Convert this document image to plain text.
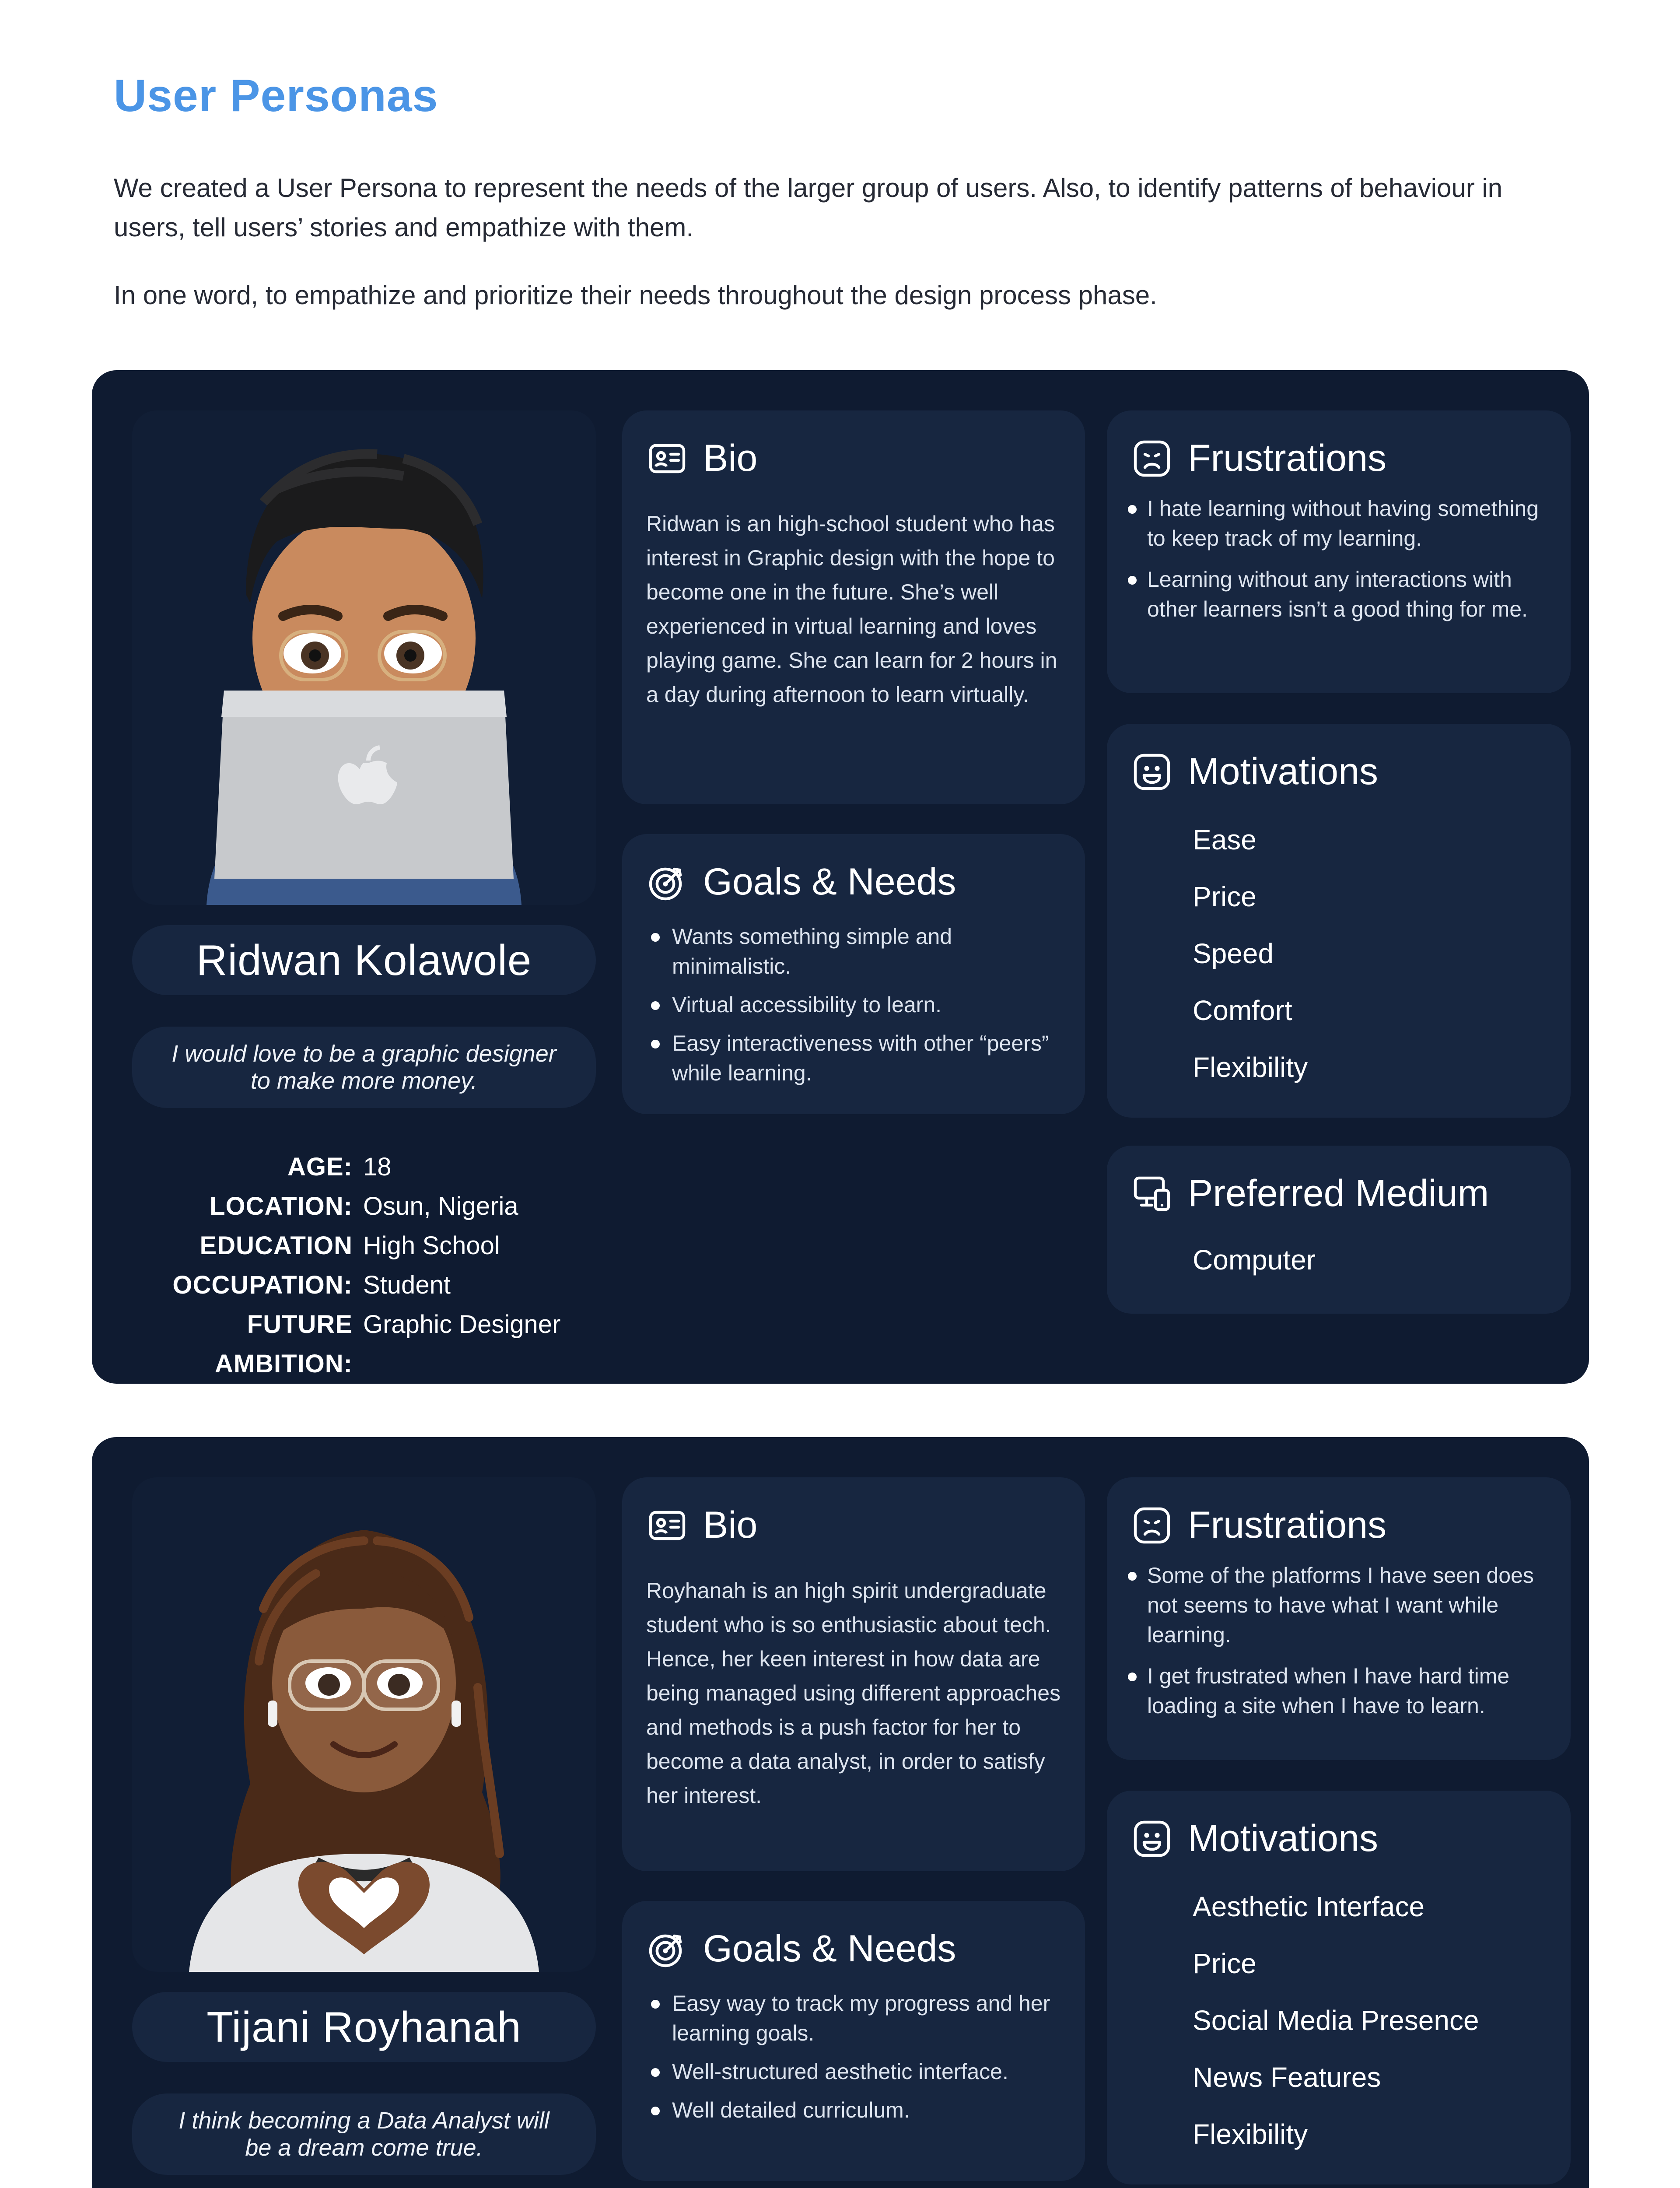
User Personas

We created a User Persona to represent the needs of the larger group of users. Also, to identify patterns of behaviour in users, tell users’ stories and empathize with them.

In one word, to empathize and prioritize their needs throughout the design process phase.

Ridwan Kolawole
I would love to be a graphic designer to make more money.
AGE: 18
LOCATION: Osun, Nigeria
EDUCATION High School
OCCUPATION: Student
FUTURE AMBITION:
Graphic Designer
Bio

Ridwan is an high-school student who has interest in Graphic design with the hope to become one in the future. She’s well experienced in virtual learning and loves playing game. She can learn for 2 hours in a day during afternoon to learn virtually.

Goals & Needs
Wants something simple and minimalistic.
Virtual accessibility to learn.
Easy interactiveness with other “peers” while learning.
Frustrations
I hate learning without having something to keep track of my learning.
Learning without any interactions with other learners isn’t a good thing for me.
Motivations
Ease
Price
Speed
Comfort
Flexibility
Preferred Medium
Computer
Tijani Royhanah
I think becoming a Data Analyst will be a dream come true.
Bio

Royhanah is an high spirit undergraduate student who is so enthusiastic about tech. Hence, her keen interest in how data are being managed using different approaches and methods is a push factor for her to become a data analyst, in order to satisfy her interest.

Goals & Needs
Easy way to track my progress and her learning goals.
Well-structured aesthetic interface.
Well detailed curriculum.
Frustrations
Some of the platforms I have seen does not seems to have what I want while learning.
I get frustrated when I have hard time loading a site when I have to learn.
Motivations
Aesthetic Interface
Price
Social Media Presence
News Features
Flexibility
